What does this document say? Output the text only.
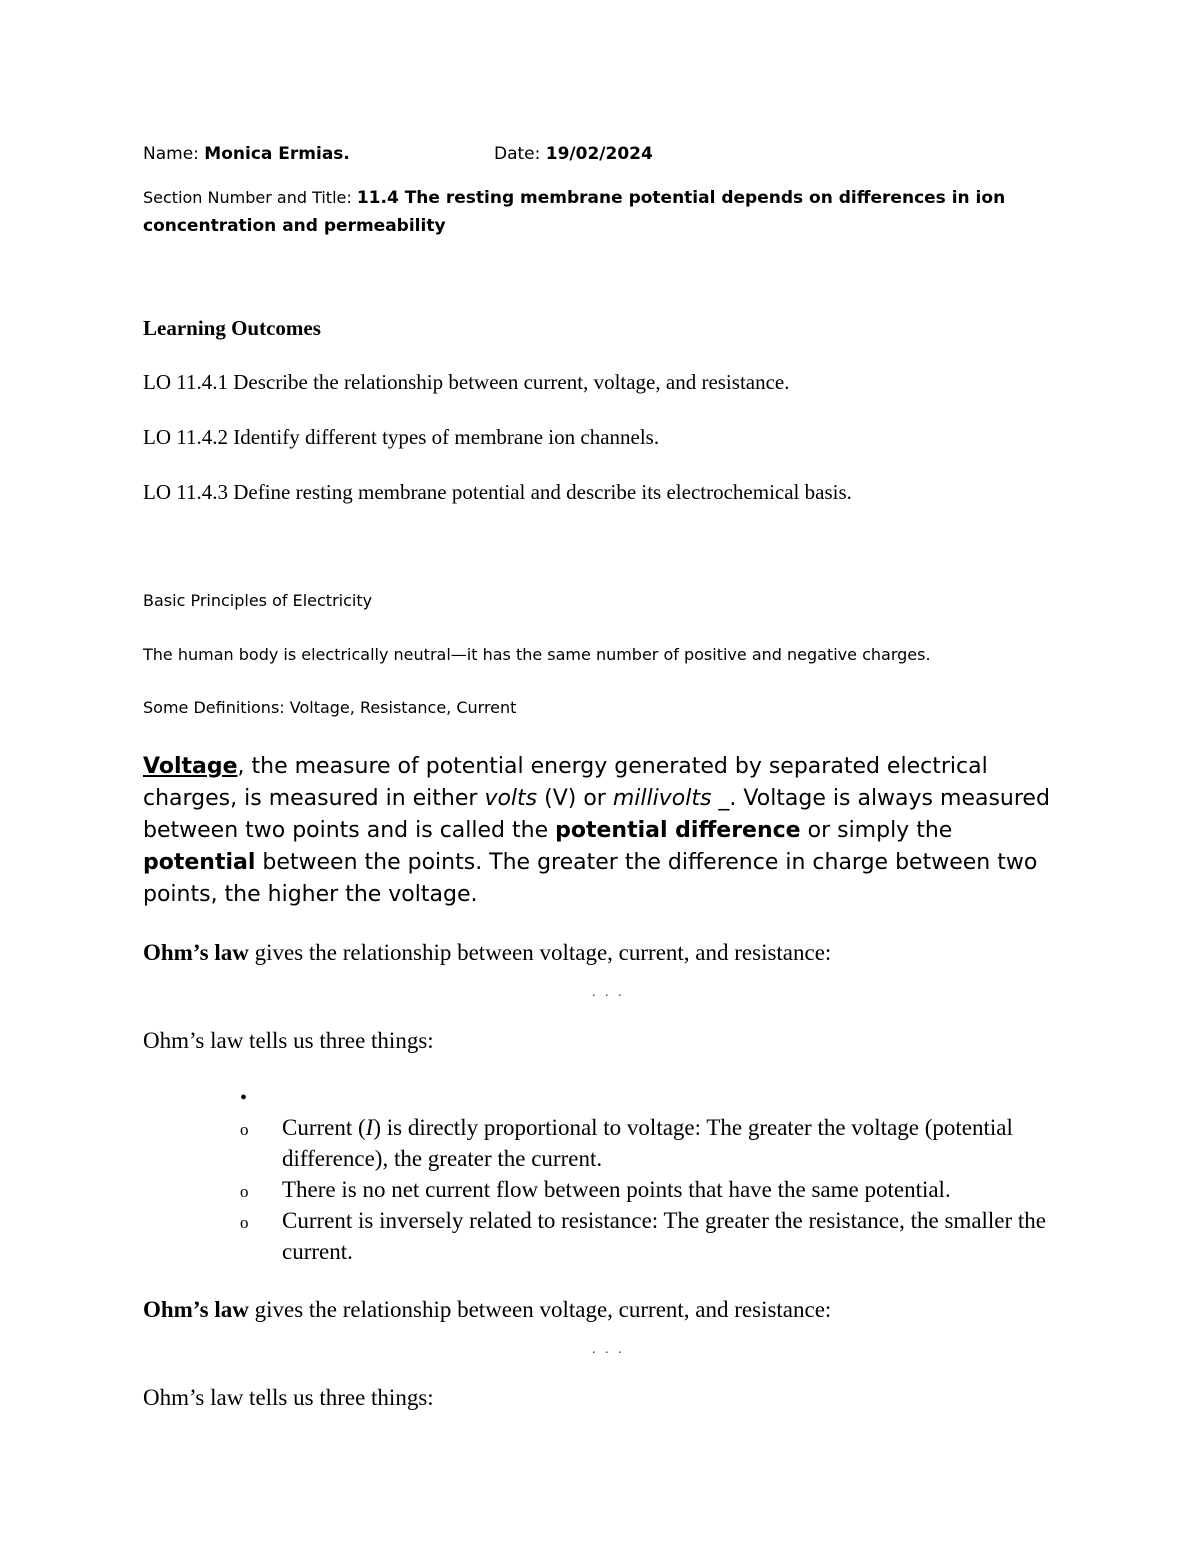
Name: Monica Ermias.	Date: 19/02/2024

Section Number and Title: 11.4 The resting membrane potential depends on differences in ion

concentration and permeability

Learning Outcomes

LO 11.4.1 Describe the relationship between current, voltage, and resistance.

LO 11.4.2 Identify different types of membrane ion channels.

LO 11.4.3 Define resting membrane potential and describe its electrochemical basis.

Basic Principles of Electricity

The human body is electrically neutral—it has the same number of positive and negative charges.

Some Definitions: Voltage, Resistance, Current

Voltage, the measure of potential energy generated by separated electrical charges, is measured in either volts (V) or millivolts _. Voltage is always measured between two points and is called the potential difference or simply the potential between the points. The greater the difference in charge between two points, the higher the voltage.

Ohm’s law gives the relationship between voltage, current, and resistance:

. . .

Ohm’s law tells us three things:

•
o Current (I) is directly proportional to voltage: The greater the voltage (potential difference), the greater the current.
o There is no net current flow between points that have the same potential.
o Current is inversely related to resistance: The greater the resistance, the smaller the current.

Ohm’s law gives the relationship between voltage, current, and resistance:

. . .

Ohm’s law tells us three things:
